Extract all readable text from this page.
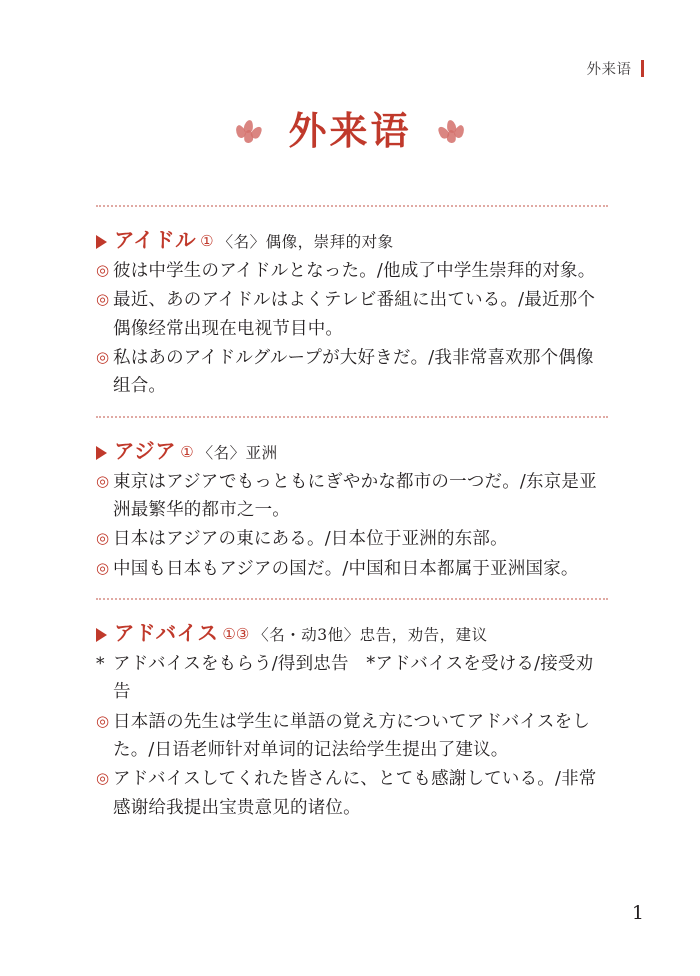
外来语
外来语
アイドル ① 〈名〉偶像，崇拜的对象
◎ 彼は中学生のアイドルとなった。/他成了中学生崇拜的对象。
◎ 最近、あのアイドルはよくテレビ番組に出ている。/最近那个偶像经常出现在电视节目中。
◎ 私はあのアイドルグループが大好きだ。/我非常喜欢那个偶像组合。
アジア ① 〈名〉亚洲
◎ 東京はアジアでもっともにぎやかな都市の一つだ。/东京是亚洲最繁华的都市之一。
◎ 日本はアジアの東にある。/日本位于亚洲的东部。
◎ 中国も日本もアジアの国だ。/中国和日本都属于亚洲国家。
アドバイス ①③ 〈名・动3他〉忠告，劝告，建议
* アドバイスをもらう/得到忠告　*アドバイスを受ける/接受劝告
◎ 日本語の先生は学生に単語の覚え方についてアドバイスをした。/日语老师针对单词的记法给学生提出了建议。
◎ アドバイスしてくれた皆さんに、とても感謝している。/非常感谢给我提出宝贵意见的诸位。
1
